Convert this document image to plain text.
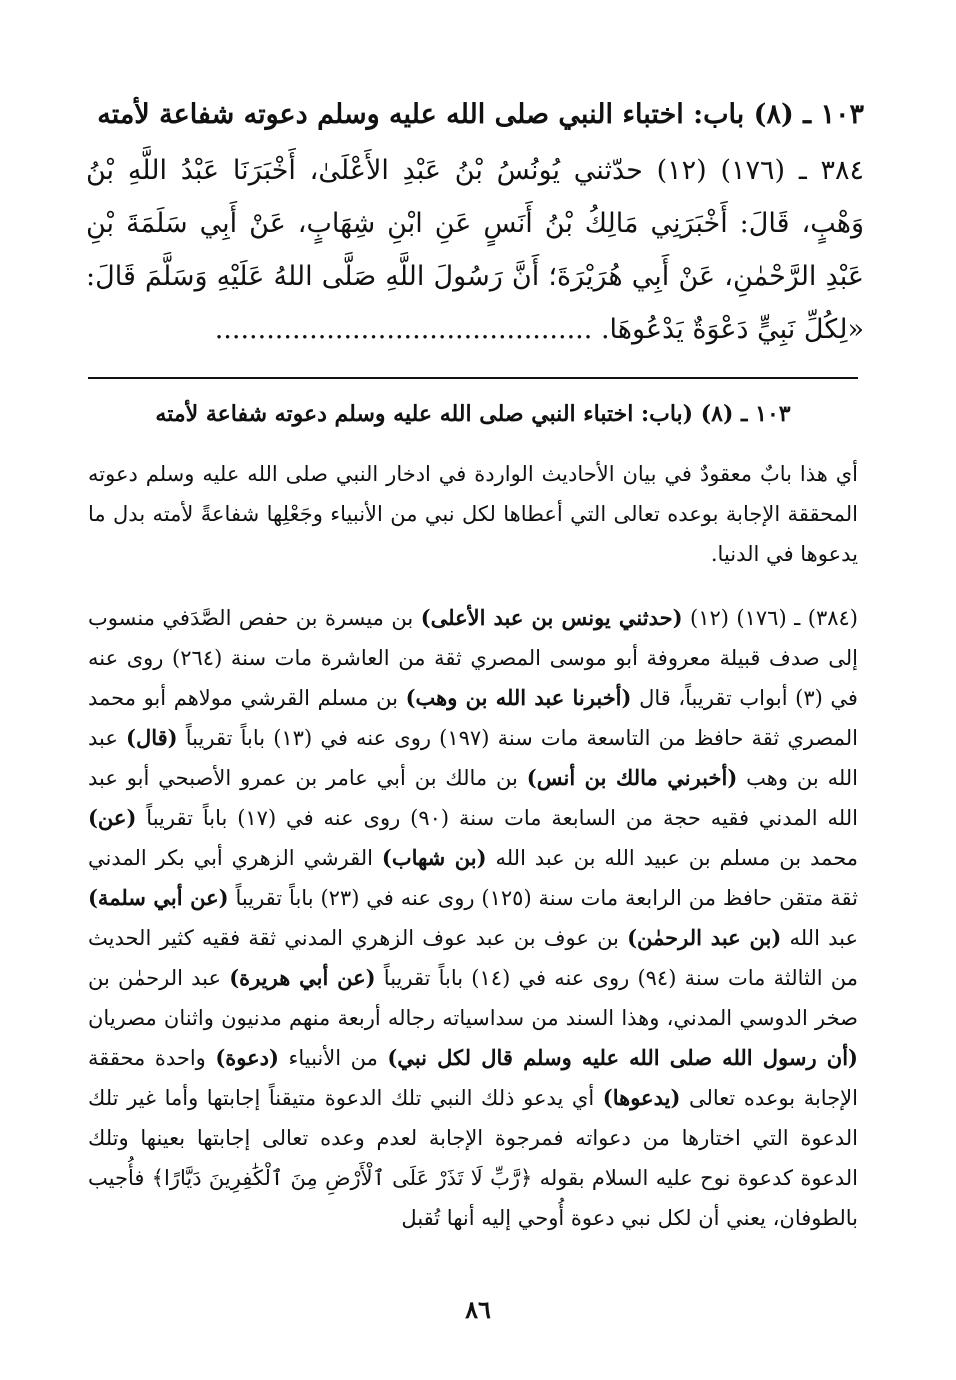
١٠٣ ـ (٨) باب: اختباء النبي صلى الله عليه وسلم دعوته شفاعة لأمته

٣٨٤ ـ (١٧٦) (١٢) حدّثني يُونُسُ بْنُ عَبْدِ الأَعْلَىٰ، أَخْبَرَنَا عَبْدُ اللَّهِ بْنُ وَهْبٍ، قَالَ: أَخْبَرَنِي مَالِكُ بْنُ أَنَسٍ عَنِ ابْنِ شِهَابٍ، عَنْ أَبِي سَلَمَةَ بْنِ عَبْدِ الرَّحْمٰنِ، عَنْ أَبِي هُرَيْرَةَ؛ أَنَّ رَسُولَ اللَّهِ صَلَّى اللهُ عَلَيْهِ وَسَلَّمَ قَالَ: «لِكُلِّ نَبِيٍّ دَعْوَةٌ يَدْعُوهَا. ............................................

١٠٣ ـ (٨) (باب: اختباء النبي صلى الله عليه وسلم دعوته شفاعة لأمته

أي هذا بابٌ معقودٌ في بيان الأحاديث الواردة في ادخار النبي صلى الله عليه وسلم دعوته المحققة الإجابة بوعده تعالى التي أعطاها لكل نبي من الأنبياء وجَعْلِها شفاعةً لأمته بدل ما يدعوها في الدنيا.

(٣٨٤) ـ (١٧٦) (١٢) (حدثني يونس بن عبد الأعلى) بن ميسرة بن حفص الصَّدَفي منسوب إلى صدف قبيلة معروفة أبو موسى المصري ثقة من العاشرة مات سنة (٢٦٤) روى عنه في (٣) أبواب تقريباً، قال (أخبرنا عبد الله بن وهب) بن مسلم القرشي مولاهم أبو محمد المصري ثقة حافظ من التاسعة مات سنة (١٩٧) روى عنه في (١٣) باباً تقريباً (قال) عبد الله بن وهب (أخبرني مالك بن أنس) بن مالك بن أبي عامر بن عمرو الأصبحي أبو عبد الله المدني فقيه حجة من السابعة مات سنة (٩٠) روى عنه في (١٧) باباً تقريباً (عن) محمد بن مسلم بن عبيد الله بن عبد الله (بن شهاب) القرشي الزهري أبي بكر المدني ثقة متقن حافظ من الرابعة مات سنة (١٢٥) روى عنه في (٢٣) باباً تقريباً (عن أبي سلمة) عبد الله (بن عبد الرحمٰن) بن عوف بن عبد عوف الزهري المدني ثقة فقيه كثير الحديث من الثالثة مات سنة (٩٤) روى عنه في (١٤) باباً تقريباً (عن أبي هريرة) عبد الرحمٰن بن صخر الدوسي المدني، وهذا السند من سداسياته رجاله أربعة منهم مدنيون واثنان مصريان (أن رسول الله صلى الله عليه وسلم قال لكل نبي) من الأنبياء (دعوة) واحدة محققة الإجابة بوعده تعالى (يدعوها) أي يدعو ذلك النبي تلك الدعوة متيقناً إجابتها وأما غير تلك الدعوة التي اختارها من دعواته فمرجوة الإجابة لعدم وعده تعالى إجابتها بعينها وتلك الدعوة كدعوة نوح عليه السلام بقوله ﴿رَّبِّ لَا تَذَرْ عَلَى ٱلْأَرْضِ مِنَ ٱلْكَٰفِرِينَ دَيَّارًا﴾ فأُجيب بالطوفان، يعني أن لكل نبي دعوة أُوحي إليه أنها تُقبل

٨٦
